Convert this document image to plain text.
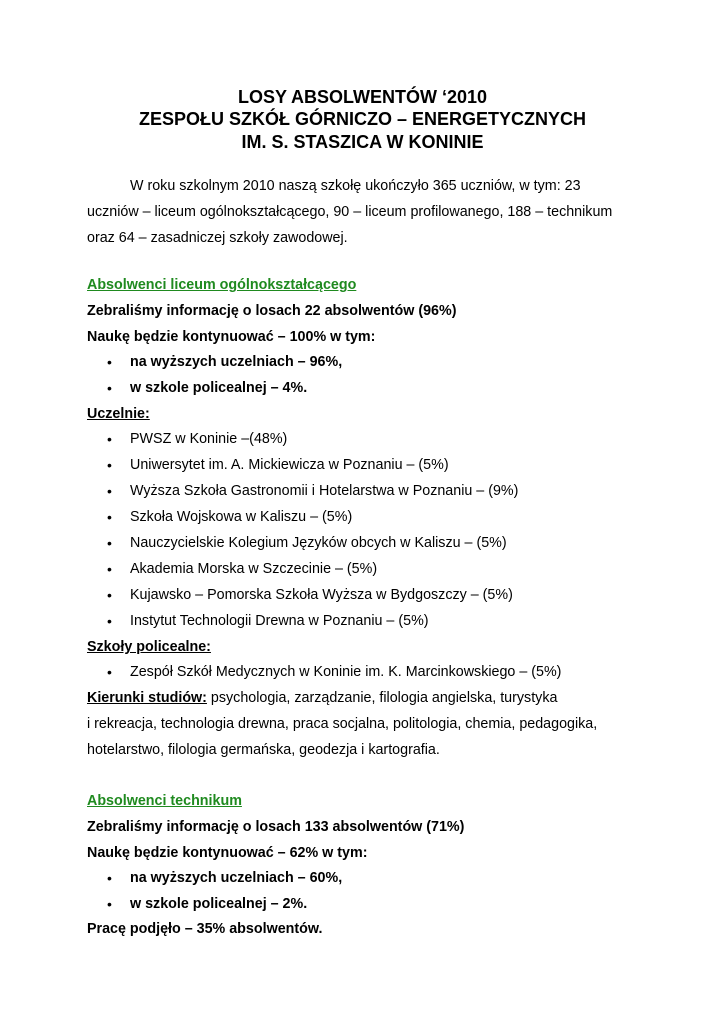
LOSY ABSOLWENTÓW ‘2010
ZESPOŁU SZKÓŁ GÓRNICZO – ENERGETYCZNYCH
IM. S. STASZICA W KONINIE
W roku szkolnym 2010 naszą szkołę ukończyło 365 uczniów, w tym: 23
uczniów – liceum ogólnokształcącego, 90 – liceum profilowanego, 188 – technikum
oraz 64 – zasadniczej szkoły zawodowej.
Absolwenci liceum ogólnokształcącego
Zebraliśmy informację o losach 22 absolwentów (96%)
Naukę będzie kontynuować – 100% w tym:
• na wyższych uczelniach – 96%,
• w szkole policealnej – 4%.
Uczelnie:
• PWSZ w Koninie –(48%)
• Uniwersytet im. A. Mickiewicza w Poznaniu – (5%)
• Wyższa Szkoła Gastronomii i Hotelarstwa w Poznaniu – (9%)
• Szkoła Wojskowa w Kaliszu – (5%)
• Nauczycielskie Kolegium Języków obcych w Kaliszu – (5%)
• Akademia Morska w Szczecinie – (5%)
• Kujawsko – Pomorska Szkoła Wyższa w Bydgoszczy – (5%)
• Instytut Technologii Drewna w Poznaniu – (5%)
Szkoły policealne:
• Zespół Szkół Medycznych w Koninie im. K. Marcinkowskiego – (5%)
Kierunki studiów: psychologia, zarządzanie, filologia angielska, turystyka
i rekreacja, technologia drewna, praca socjalna, politologia, chemia, pedagogika,
hotelarstwo, filologia germańska, geodezja i kartografia.
Absolwenci technikum
Zebraliśmy informację o losach 133 absolwentów (71%)
Naukę będzie kontynuować – 62% w tym:
• na wyższych uczelniach – 60%,
• w szkole policealnej – 2%.
Pracę podjęło – 35% absolwentów.
